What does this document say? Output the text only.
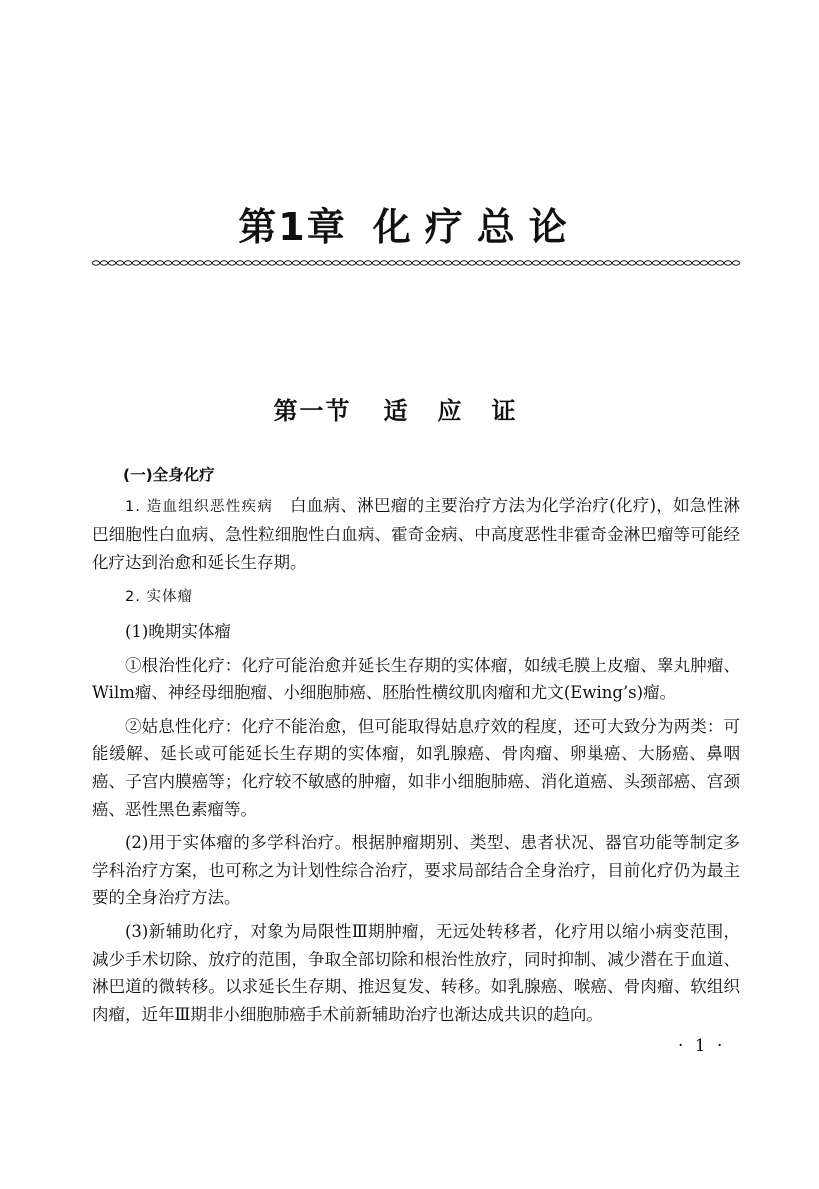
第1章 化疗总论
第一节 适应证

(一)全身化疗

1. 造血组织恶性疾病　 白血病、淋巴瘤的主要治疗方法为化学治疗(化疗)，如急性淋巴细胞性白血病、急性粒细胞性白血病、霍奇金病、中高度恶性非霍奇金淋巴瘤等可能经化疗达到治愈和延长生存期。

2. 实体瘤

(1)晚期实体瘤

①根治性化疗：化疗可能治愈并延长生存期的实体瘤，如绒毛膜上皮瘤、睾丸肿瘤、Wilm瘤、神经母细胞瘤、小细胞肺癌、胚胎性横纹肌肉瘤和尤文(Ewing’s)瘤。

②姑息性化疗：化疗不能治愈，但可能取得姑息疗效的程度，还可大致分为两类：可能缓解、延长或可能延长生存期的实体瘤，如乳腺癌、骨肉瘤、卵巢癌、大肠癌、鼻咽癌、子宫内膜癌等；化疗较不敏感的肿瘤，如非小细胞肺癌、消化道癌、头颈部癌、宫颈癌、恶性黑色素瘤等。

(2)用于实体瘤的多学科治疗。根据肿瘤期别、类型、患者状况、器官功能等制定多学科治疗方案，也可称之为计划性综合治疗，要求局部结合全身治疗，目前化疗仍为最主要的全身治疗方法。

(3)新辅助化疗，对象为局限性Ⅲ期肿瘤，无远处转移者，化疗用以缩小病变范围，减少手术切除、放疗的范围，争取全部切除和根治性放疗，同时抑制、减少潜在于血道、淋巴道的微转移。以求延长生存期、推迟复发、转移。如乳腺癌、喉癌、骨肉瘤、软组织肉瘤，近年Ⅲ期非小细胞肺癌手术前新辅助治疗也渐达成共识的趋向。

· 1 ·
